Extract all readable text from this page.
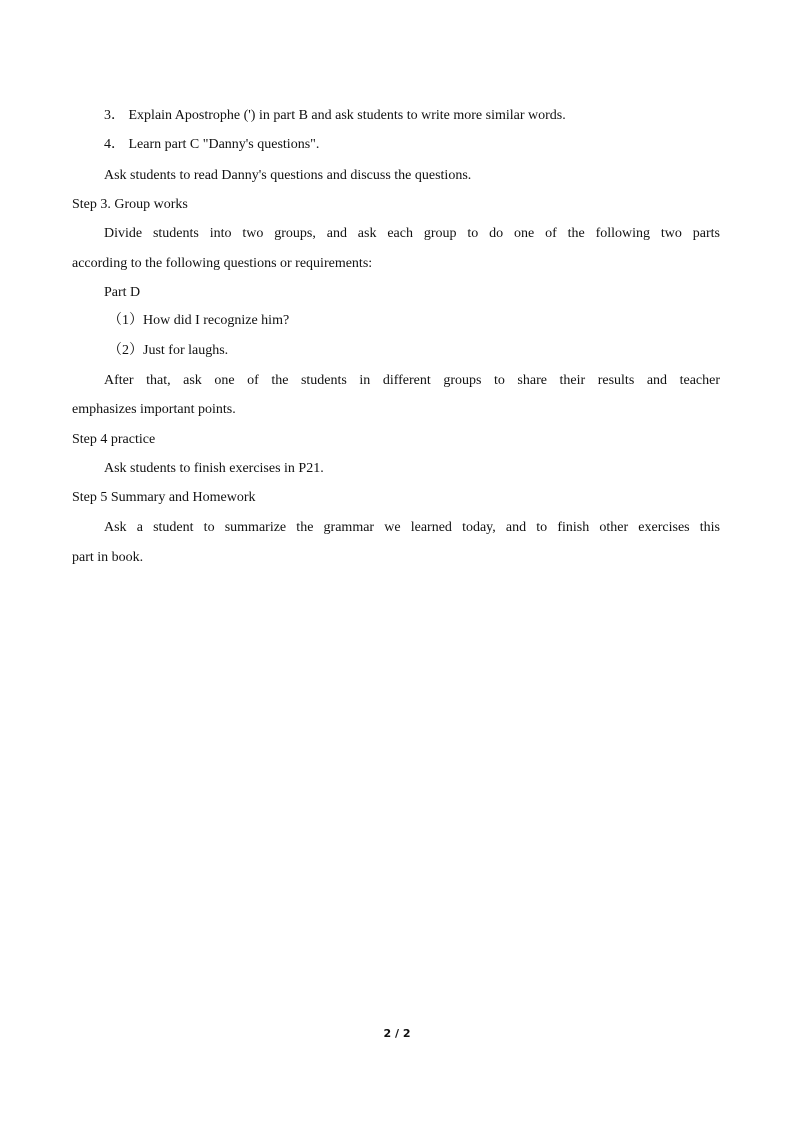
3． Explain Apostrophe (') in part B and ask students to write more similar words.
4． Learn part C "Danny's questions".
Ask students to read Danny's questions and discuss the questions.
Step 3. Group works
Divide students into two groups, and ask each group to do one of the following two parts
according to the following questions or requirements:
Part D
（1）How did I recognize him?
（2）Just for laughs.
After that, ask one of the students in different groups to share their results and teacher
emphasizes important points.
Step 4 practice
Ask students to finish exercises in P21.
Step 5 Summary and Homework
Ask a student to summarize the grammar we learned today, and to finish other exercises this
part in book.
2 / 2
